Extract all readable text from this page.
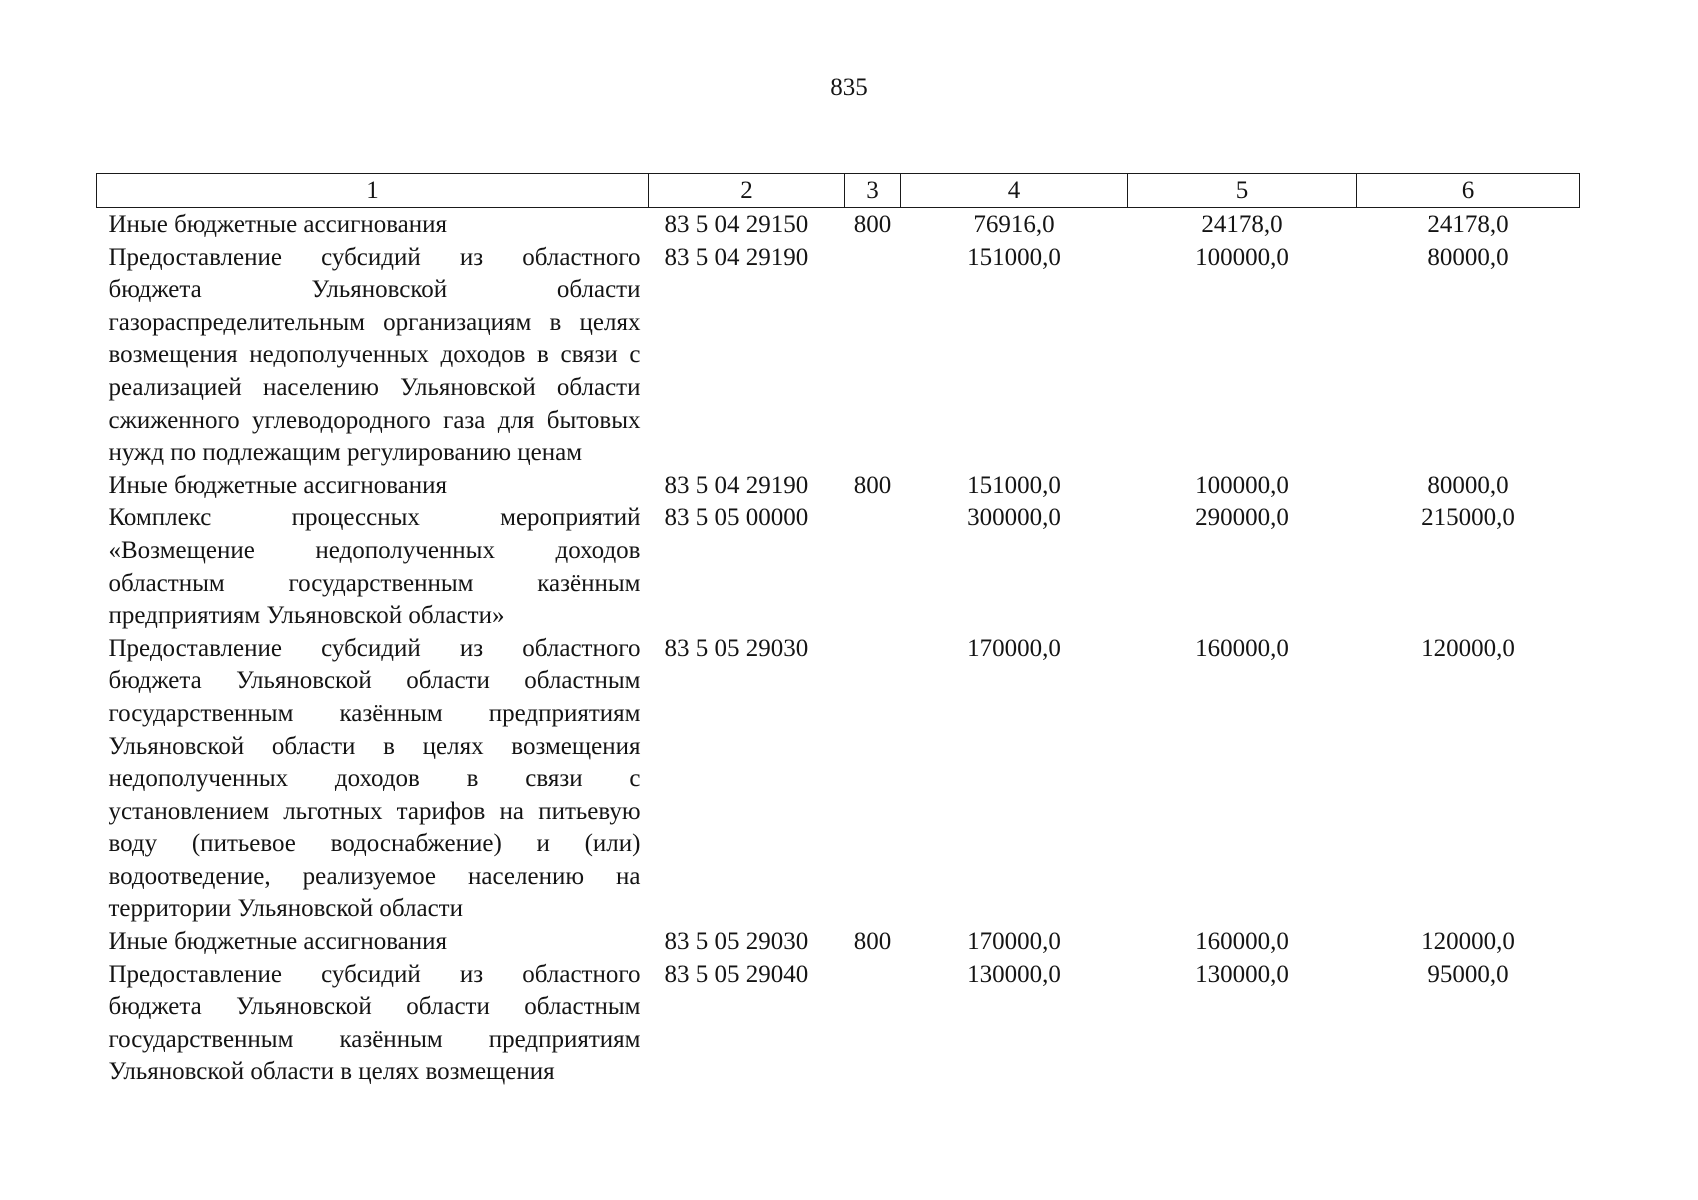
835
1	2	3	4	5	6
Иные бюджетные ассигнования	83 5 04 29150	800	76916,0	24178,0	24178,0
Предоставление субсидий из областного бюджета Ульяновской области газораспределительным организациям в целях возмещения недополученных доходов в связи с реализацией населению Ульяновской области сжиженного углеводородного газа для бытовых нужд по подлежащим регулированию ценам	83 5 04 29190		151000,0	100000,0	80000,0
Иные бюджетные ассигнования	83 5 04 29190	800	151000,0	100000,0	80000,0
Комплекс процессных мероприятий «Возмещение недополученных доходов областным государственным казённым предприятиям Ульяновской области»	83 5 05 00000		300000,0	290000,0	215000,0
Предоставление субсидий из областного бюджета Ульяновской области областным государственным казённым предприятиям Ульяновской области в целях возмещения недополученных доходов в связи с установлением льготных тарифов на питьевую воду (питьевое водоснабжение) и (или) водоотведение, реализуемое населению на территории Ульяновской области	83 5 05 29030		170000,0	160000,0	120000,0
Иные бюджетные ассигнования	83 5 05 29030	800	170000,0	160000,0	120000,0
Предоставление субсидий из областного бюджета Ульяновской области областным государственным казённым предприятиям Ульяновской области в целях возмещения	83 5 05 29040		130000,0	130000,0	95000,0
